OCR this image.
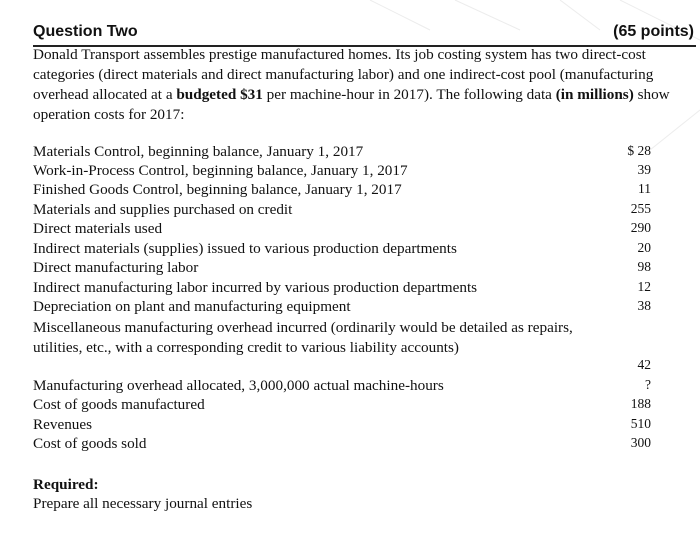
Question Two	(65 points)
Donald Transport assembles prestige manufactured homes. Its job costing system has two direct-cost categories (direct materials and direct manufacturing labor) and one indirect-cost pool (manufacturing overhead allocated at a budgeted $31 per machine-hour in 2017). The following data (in millions) show operation costs for 2017:
Materials Control, beginning balance, January 1, 2017	$ 28
Work-in-Process Control, beginning balance, January 1, 2017	39
Finished Goods Control, beginning balance, January 1, 2017	11
Materials and supplies purchased on credit	255
Direct materials used	290
Indirect materials (supplies) issued to various production departments	20
Direct manufacturing labor	98
Indirect manufacturing labor incurred by various production departments	12
Depreciation on plant and manufacturing equipment	38
Miscellaneous manufacturing overhead incurred (ordinarily would be detailed as repairs, utilities, etc., with a corresponding credit to various liability accounts)
42
Manufacturing overhead allocated, 3,000,000 actual machine-hours	?
Cost of goods manufactured	188
Revenues	510
Cost of goods sold	300
Required:
Prepare all necessary journal entries
